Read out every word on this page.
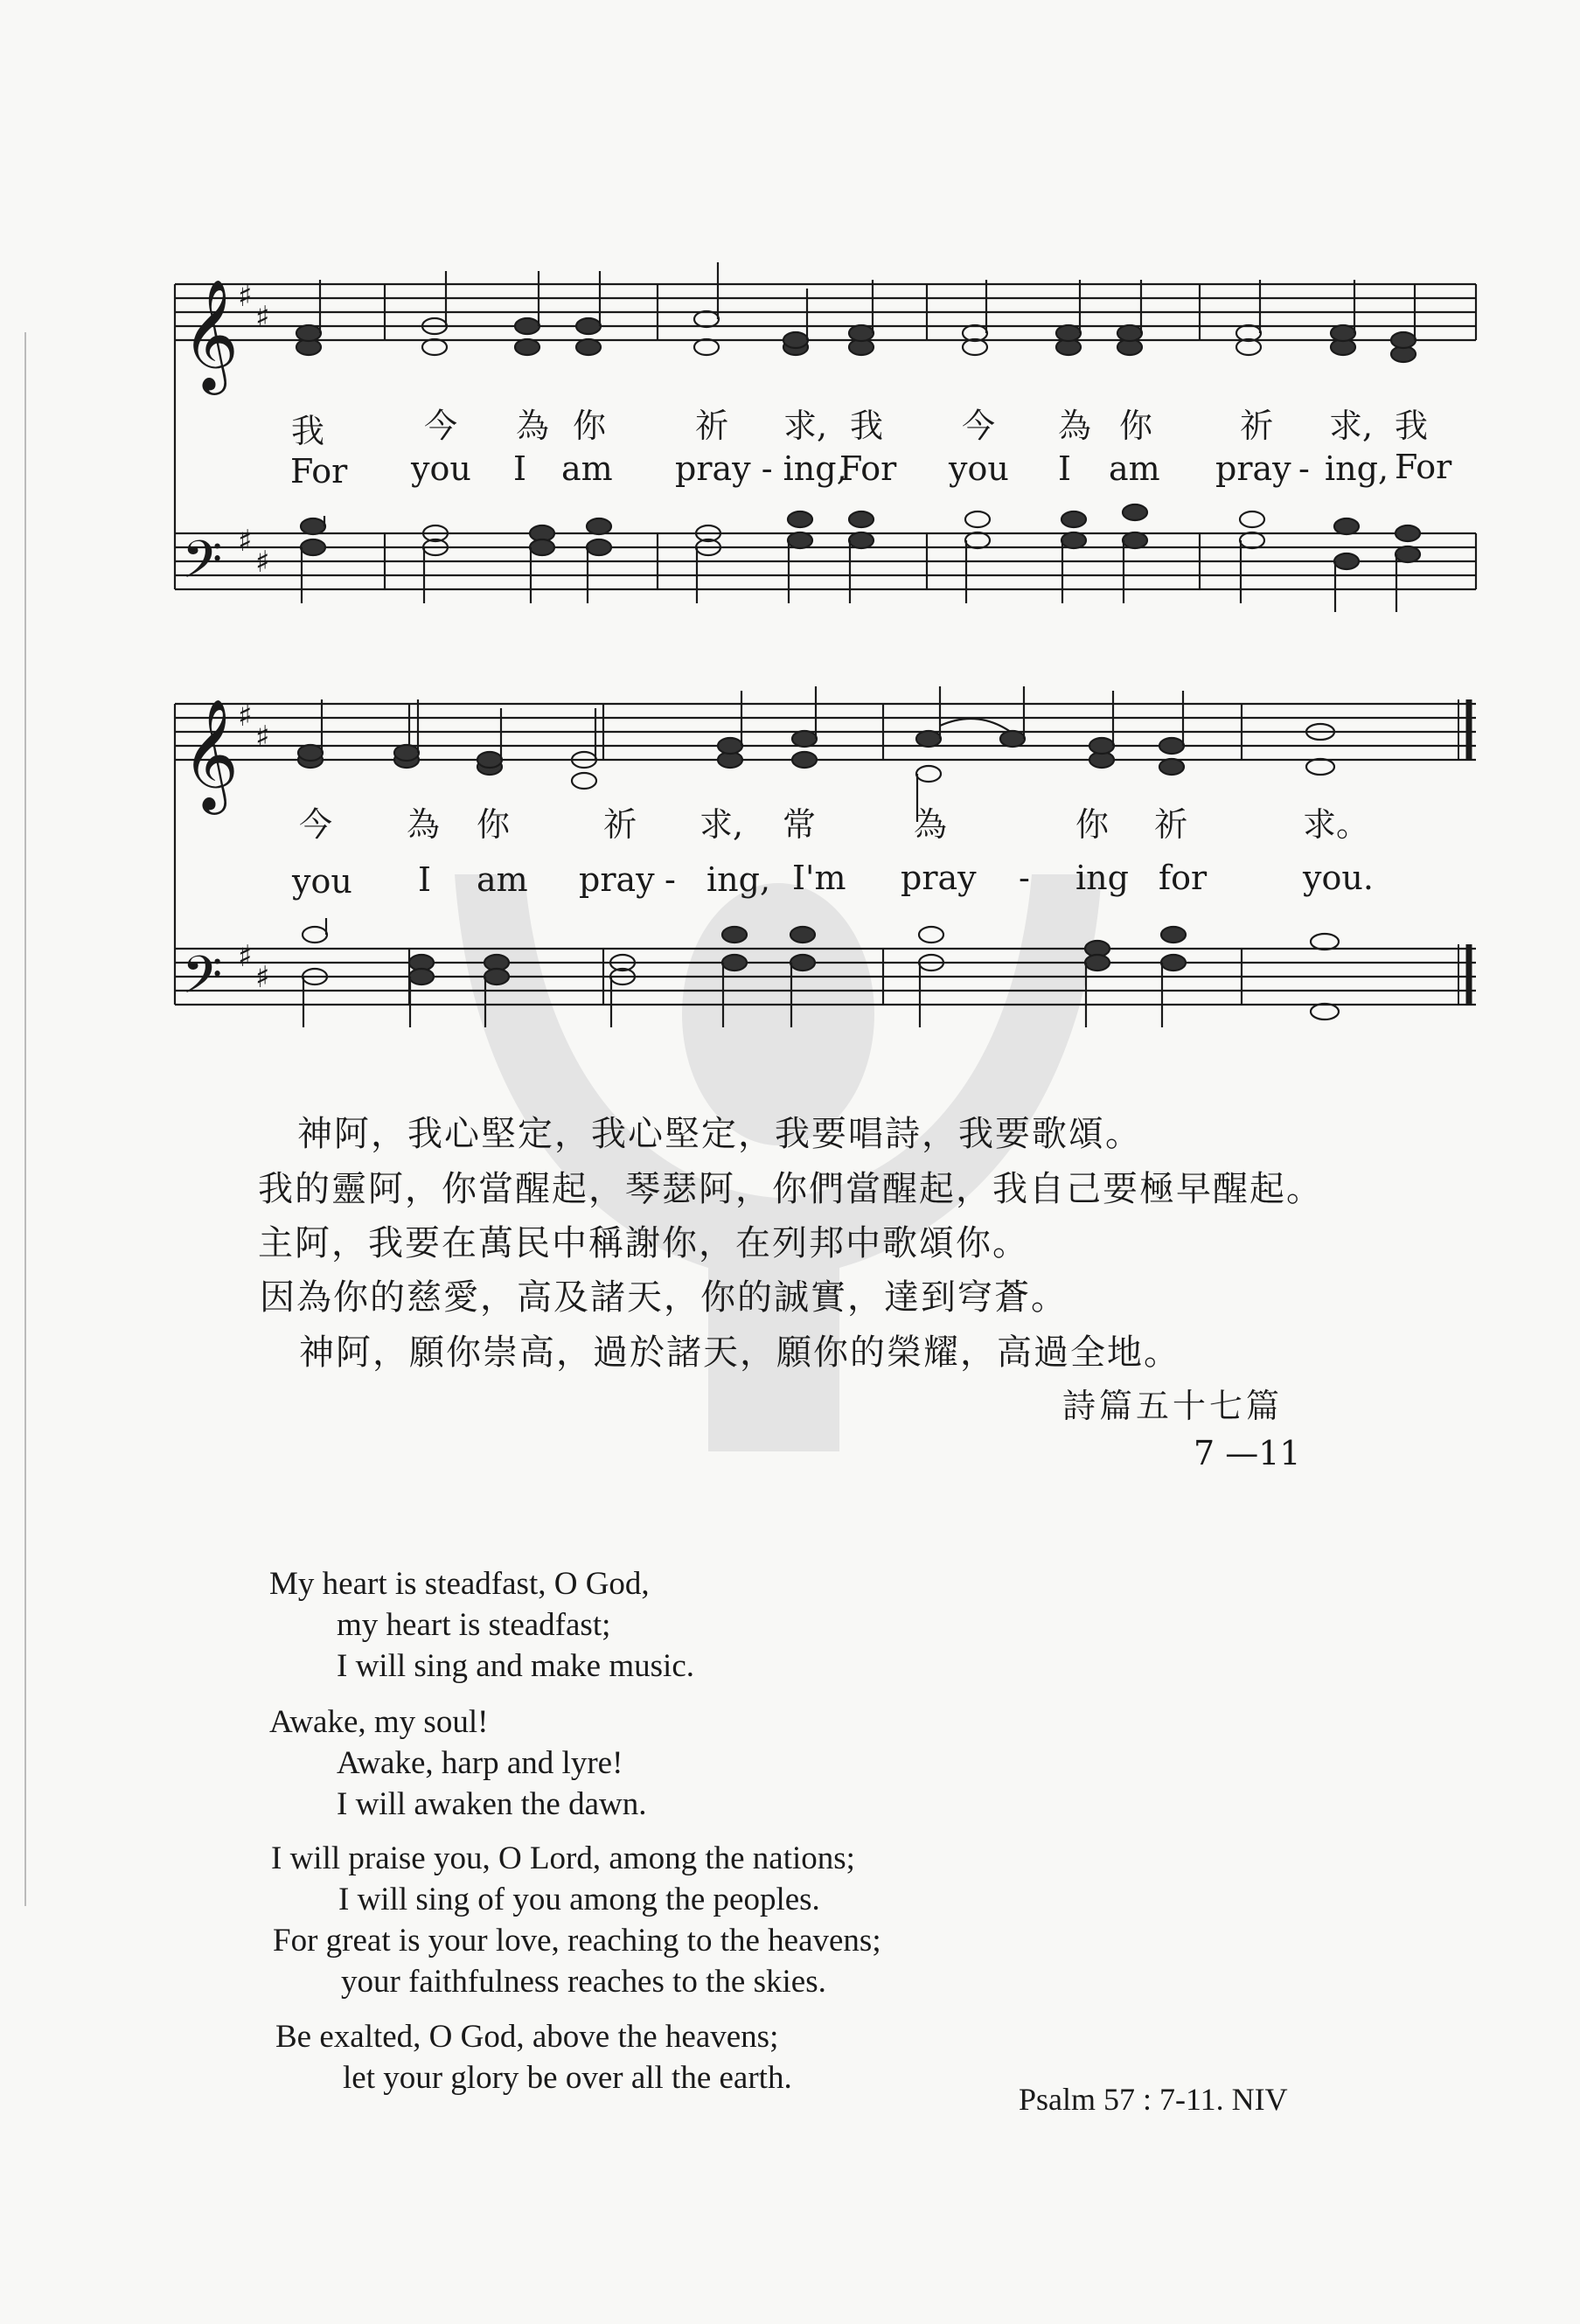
𝄞
𝄢
𝄞
𝄢
♯
♯
♯
♯
♯
♯
♯
♯
我	今 為 你	祈 求, 我 今 為 你	祈 求, 我
For you I am pray - ing,
For you I am pray - ing, For
今 為 你	祈 求, 常	為	你 祈	求。
you I am pray - ing, I'm pray - ing for	you.
神阿，我心堅定，我心堅定，我要唱詩，我要歌頌。
我的靈阿，你當醒起，琴瑟阿，你們當醒起，我自己要極早醒起。
主阿，我要在萬民中稱謝你，在列邦中歌頌你。
因為你的慈愛，高及諸天，你的誠實，達到穹蒼。
神阿，願你崇高，過於諸天，願你的榮耀，高過全地。
詩篇五十七篇
7 —11
My heart is steadfast, O God,
my heart is steadfast;
I will sing and make music.
Awake, my soul!
Awake, harp and lyre!
I will awaken the dawn.
I will praise you, O Lord, among the nations;
I will sing of you among the peoples.
For great is your love, reaching to the heavens;
your faithfulness reaches to the skies.
Be exalted, O God, above the heavens;
let your glory be over all the earth.
Psalm 57 : 7-11. NIV
